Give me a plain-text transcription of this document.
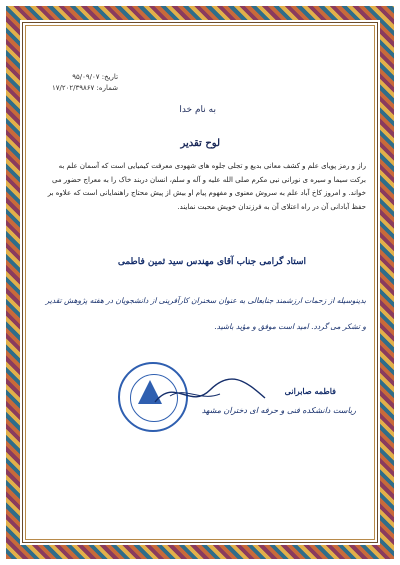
تاریخ: ۹۵/۰۹/۰۷
شماره: ۱۷/۲۰۲/۳۹۸۶۷
به نام خدا
لوح تقدیر
راز و رمز پویای علم و کشف معانی بدیع و تجلی جلوه های شهودی معرفت کیمیایی است که آسمان علم به برکت سیما و سیره ی نورانی نبی مکرم صلی الله علیه و آله و سلم، انسان دربند خاک را به معراج حضور می خواند. و امروز کاخ آباد علم به سروش معنوی و مفهوم پیام او بیش از پیش محتاج راهنمایانی است که علاوه بر حفظ آبادانی آن در راه اعتلای آن به فرزندان خویش محبت نمایند.
استاد گرامی جناب آقای مهندس سید ثمین فاطمی
بدینوسیله از زحمات ارزشمند جنابعالی به عنوان سخنران کارآفرینی از دانشجویان در هفته پژوهش تقدیر و تشکر می گردد. امید است موفق و مؤید باشید.
فاطمه صابرانی
ریاست دانشکده فنی و حرفه ای دختران مشهد
